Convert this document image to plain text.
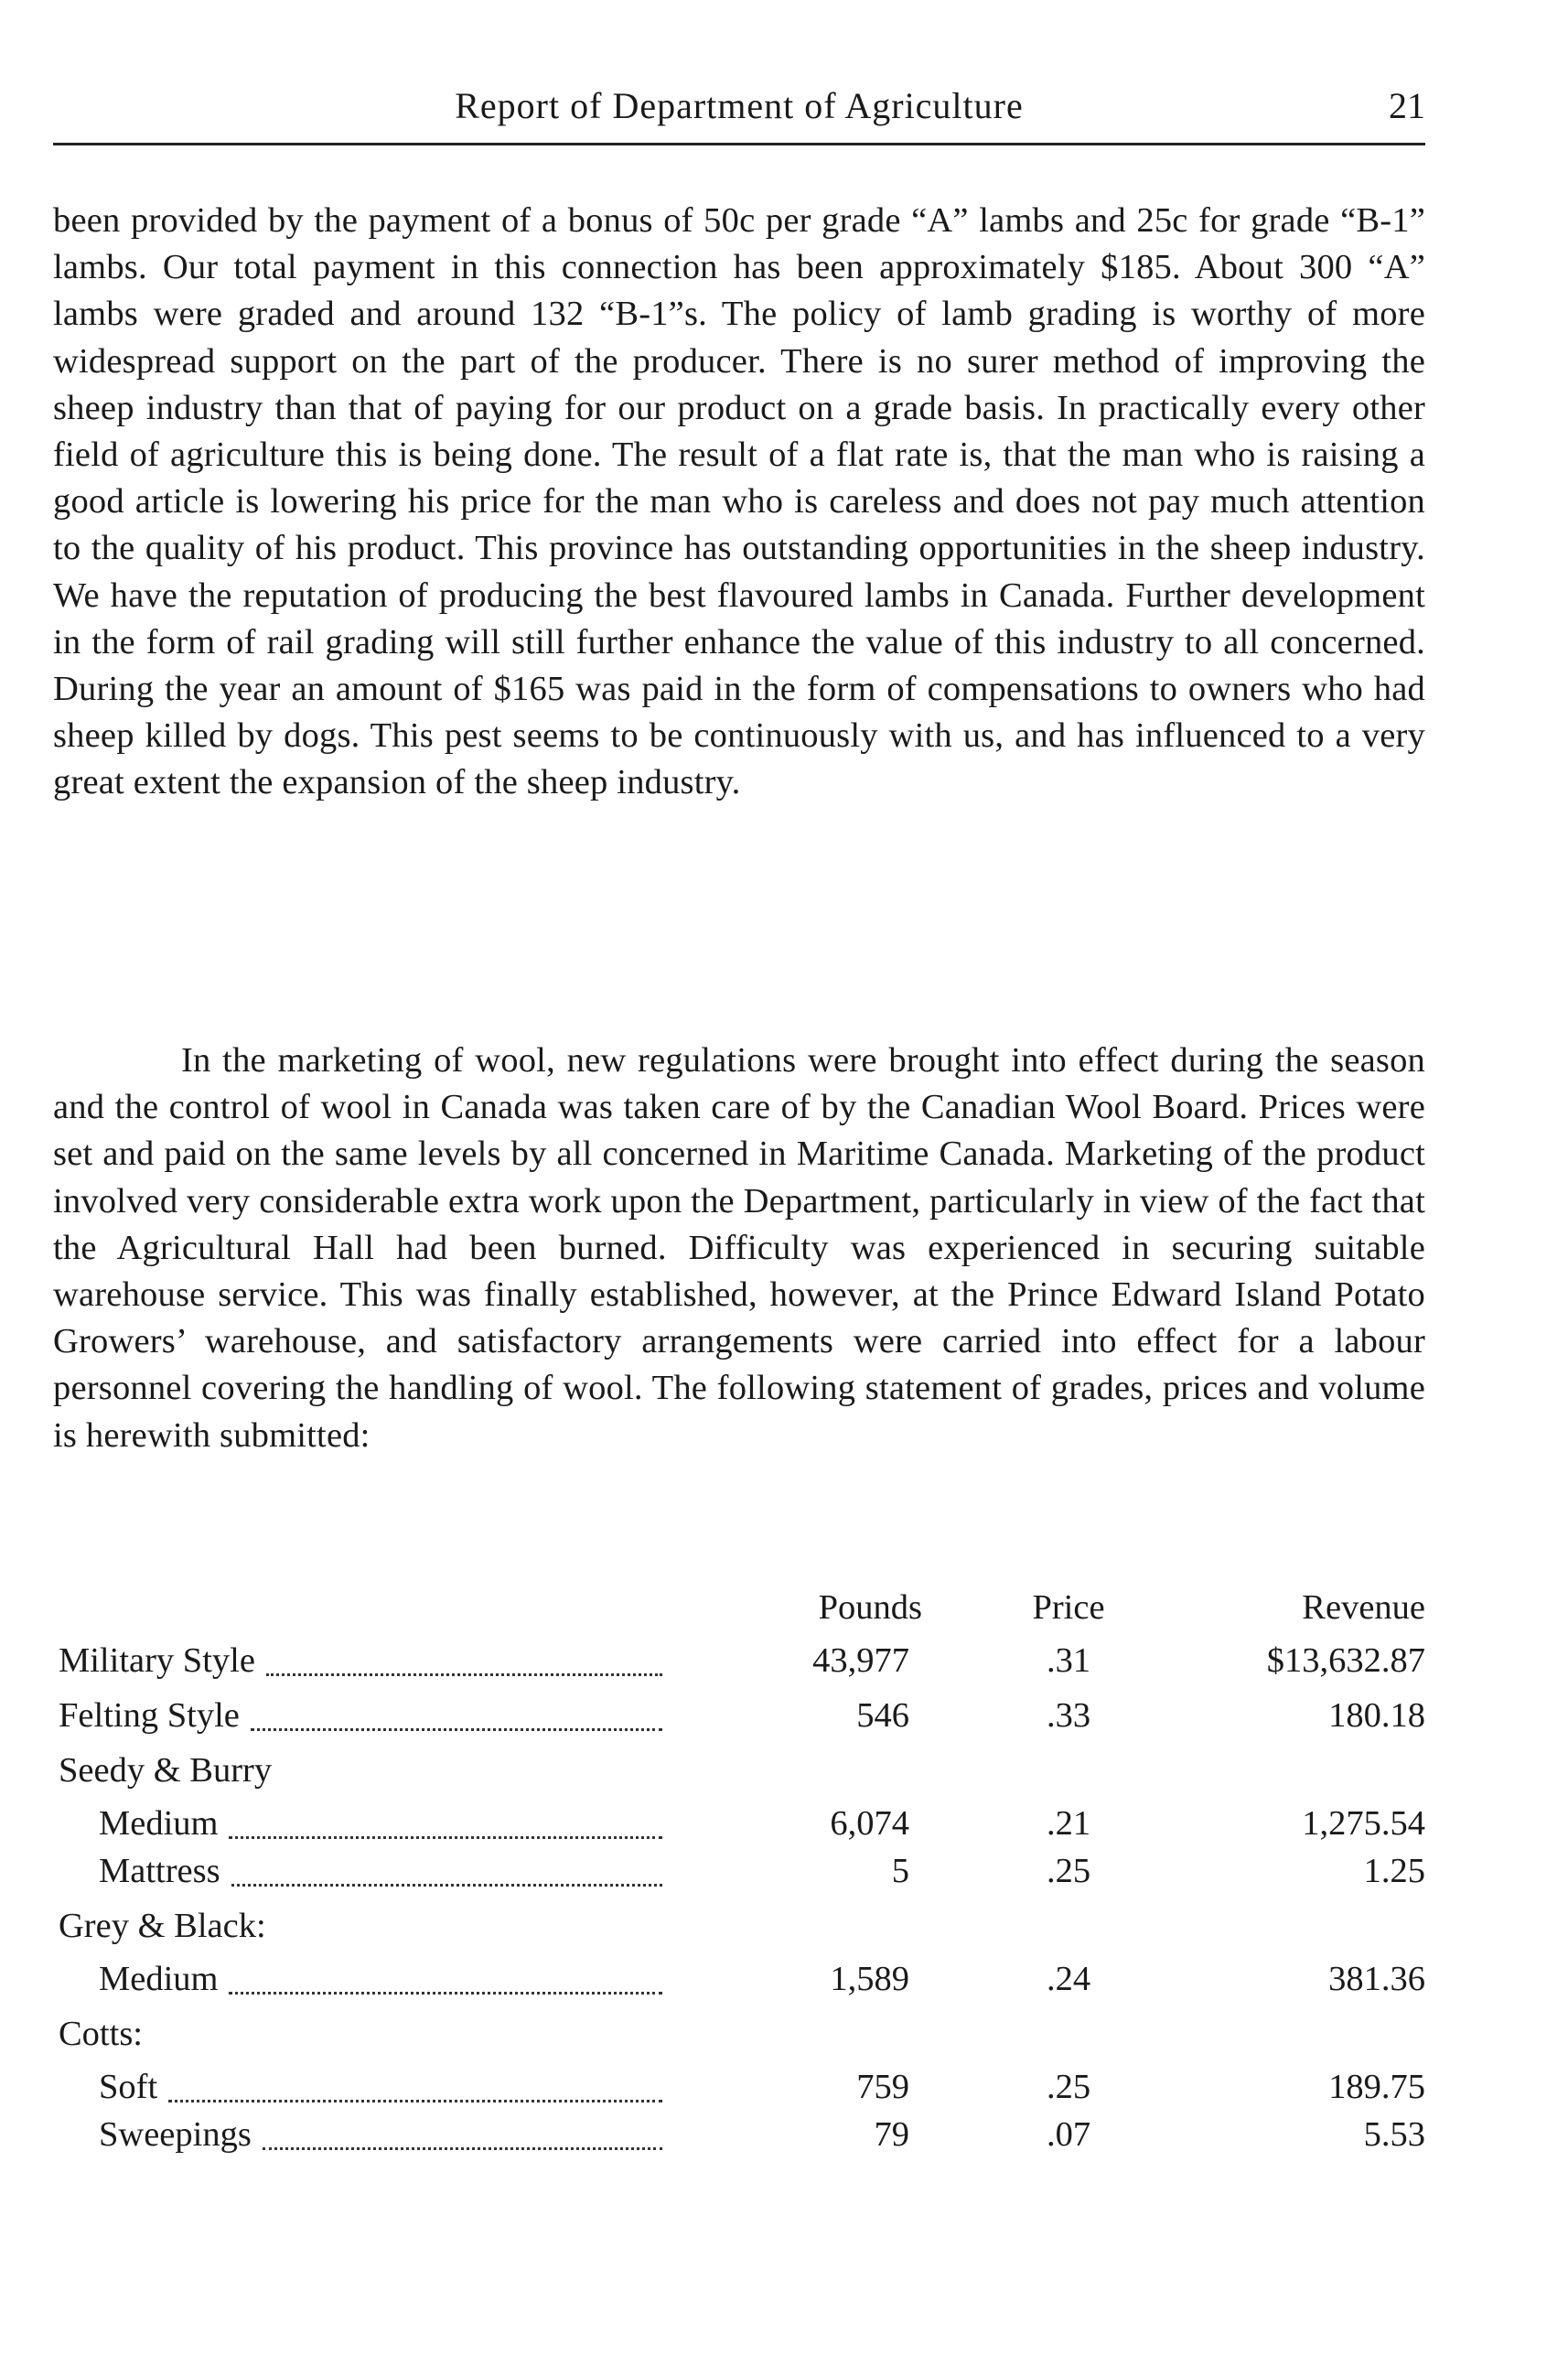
Report of Department of Agriculture	21

been provided by the payment of a bonus of 50c per grade “A” lambs and 25c for grade “B-1” lambs. Our total payment in this connection has been approximately $185. About 300 “A” lambs were graded and around 132 “B-1”s. The policy of lamb grading is worthy of more widespread support on the part of the producer. There is no surer method of improving the sheep industry than that of paying for our product on a grade basis. In practically every other field of agriculture this is being done. The result of a flat rate is, that the man who is raising a good article is lowering his price for the man who is careless and does not pay much attention to the quality of his product. This province has outstanding opportunities in the sheep industry. We have the reputation of producing the best flavoured lambs in Canada. Further development in the form of rail grading will still further enhance the value of this industry to all concerned. During the year an amount of $165 was paid in the form of compensations to owners who had sheep killed by dogs. This pest seems to be continuously with us, and has influenced to a very great extent the expansion of the sheep industry.

In the marketing of wool, new regulations were brought into effect during the season and the control of wool in Canada was taken care of by the Canadian Wool Board. Prices were set and paid on the same levels by all concerned in Maritime Canada. Marketing of the product involved very considerable extra work upon the Department, particularly in view of the fact that the Agricultural Hall had been burned. Difficulty was experienced in securing suitable warehouse service. This was finally established, however, at the Prince Edward Island Potato Growers’ warehouse, and satisfactory arrangements were carried into effect for a labour personnel covering the handling of wool. The following statement of grades, prices and volume is herewith submitted:

Pounds	Price	Revenue
Military Style	43,977	.31	$13,632.87
Felting Style	546	.33	180.18
Seedy & Burry
Medium	6,074	.21	1,275.54
Mattress	5	.25	1.25
Grey & Black:
Medium	1,589	.24	381.36
Cotts:
Soft	759	.25	189.75
Sweepings	79	.07	5.53
